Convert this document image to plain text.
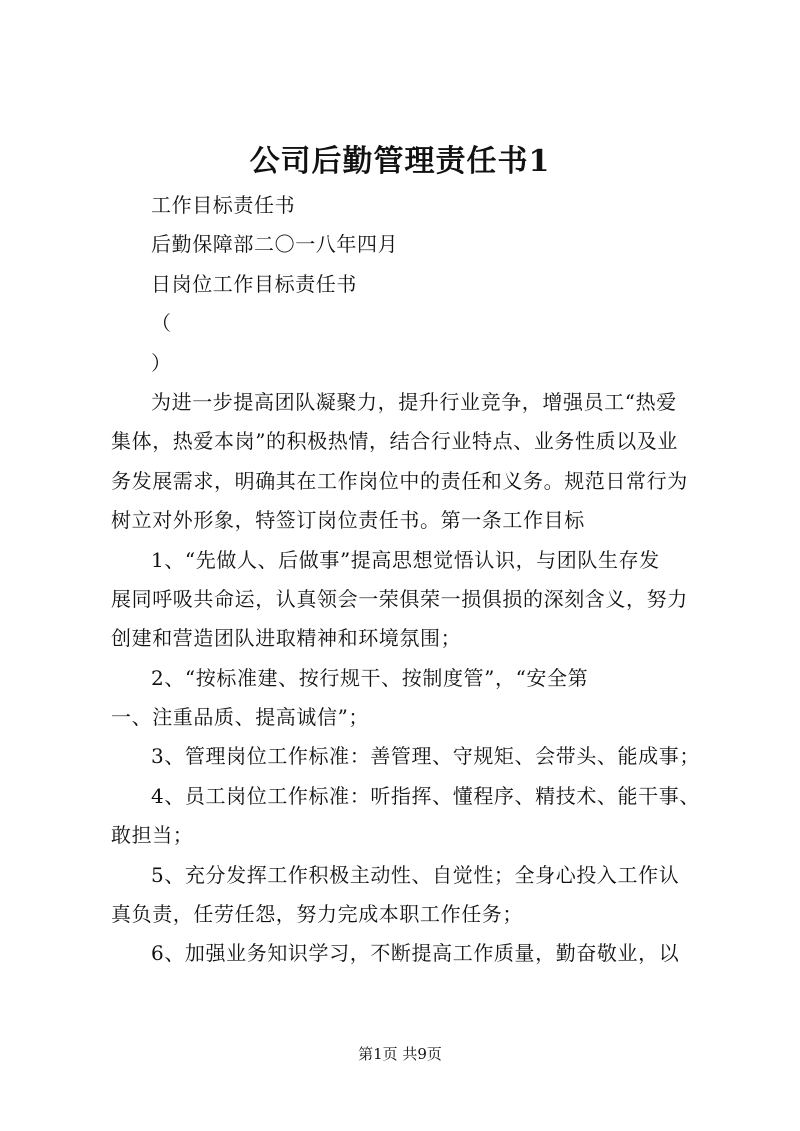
公司后勤管理责任书1
工作目标责任书
后勤保障部二〇一八年四月
日岗位工作目标责任书
（
）
为进一步提高团队凝聚力，提升行业竞争，增强员工“热爱
集体，热爱本岗”的积极热情，结合行业特点、业务性质以及业
务发展需求，明确其在工作岗位中的责任和义务。规范日常行为
树立对外形象，特签订岗位责任书。第一条工作目标
1、“先做人、后做事”提高思想觉悟认识，与团队生存发
展同呼吸共命运，认真领会一荣俱荣一损俱损的深刻含义，努力
创建和营造团队进取精神和环境氛围；
2、“按标准建、按行规干、按制度管”，“安全第
一、注重品质、提高诚信”；
3、管理岗位工作标准：善管理、守规矩、会带头、能成事；
4、员工岗位工作标准：听指挥、懂程序、精技术、能干事、
敢担当；
5、充分发挥工作积极主动性、自觉性；全身心投入工作认
真负责，任劳任怨，努力完成本职工作任务；
6、加强业务知识学习，不断提高工作质量，勤奋敬业，以
第1页 共9页
